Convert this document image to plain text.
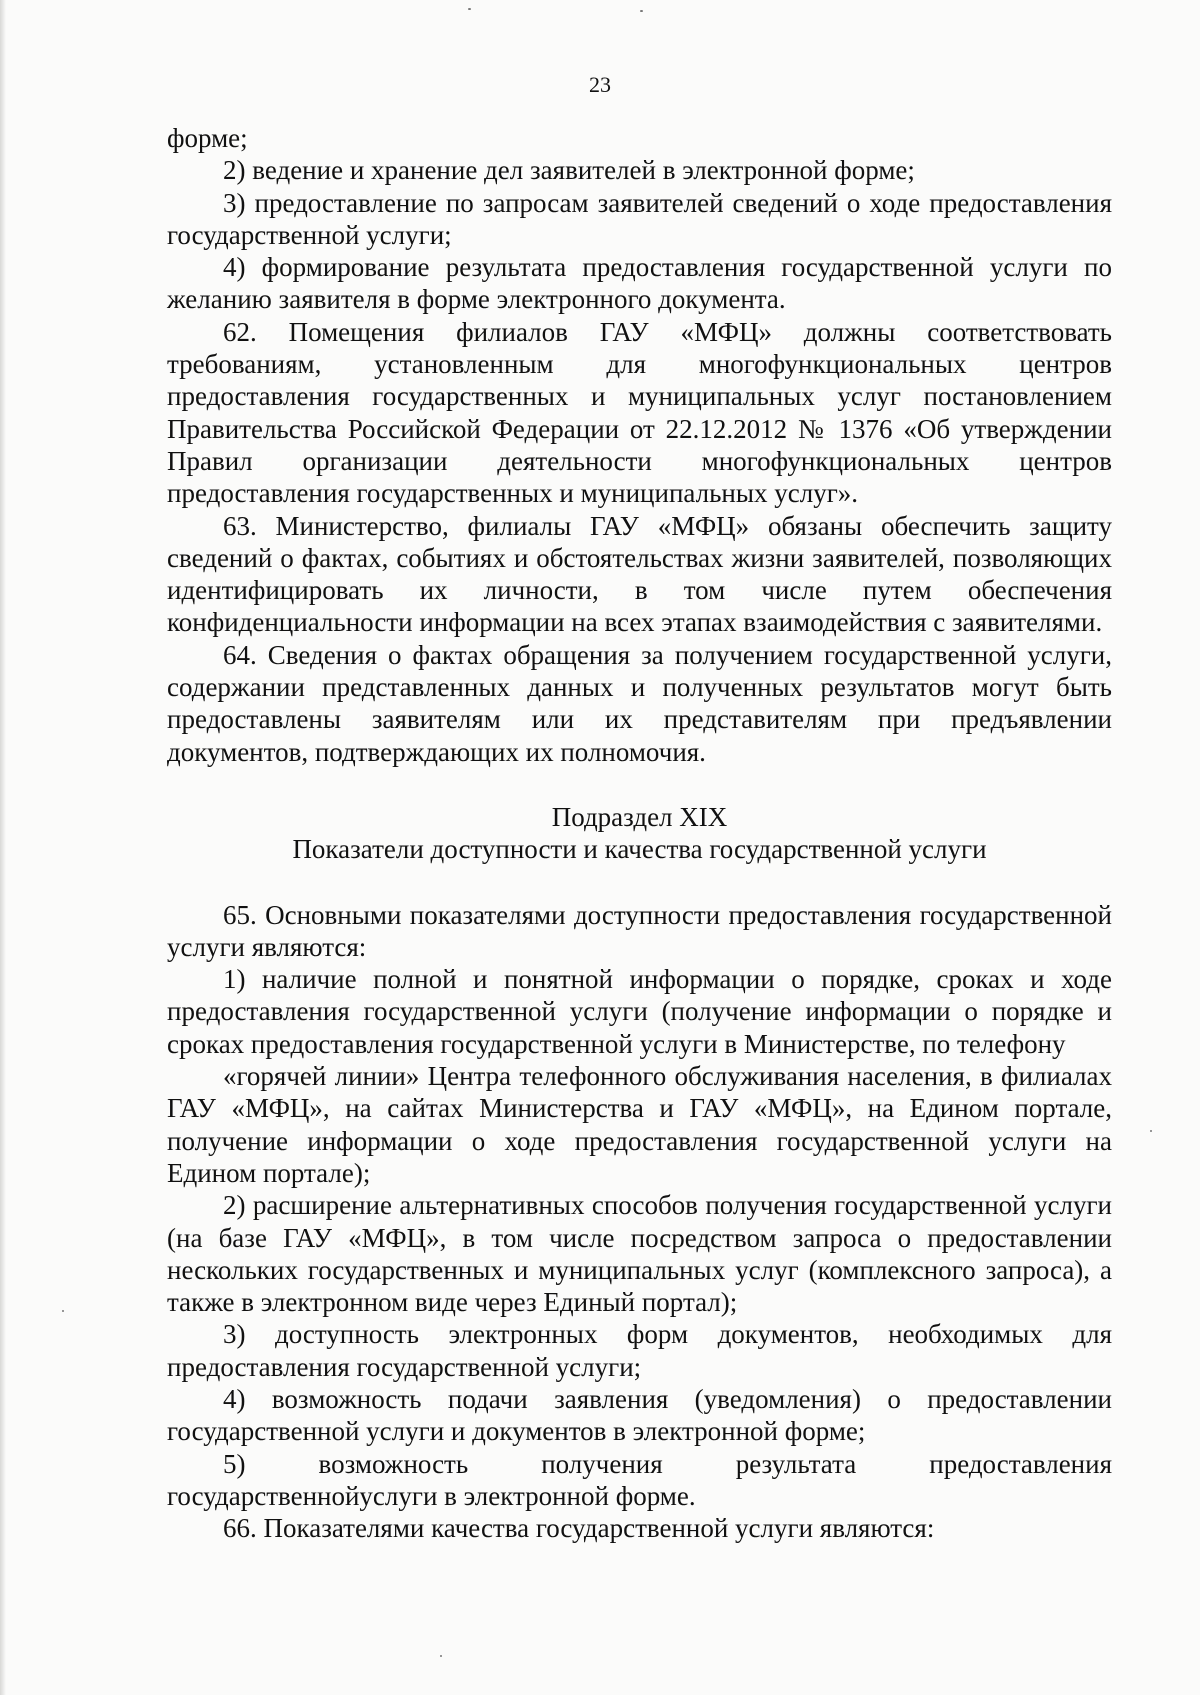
23

форме;

2) ведение и хранение дел заявителей в электронной форме;

3) предоставление по запросам заявителей сведений о ходе предоставления государственной услуги;

4) формирование результата предоставления государственной услуги по желанию заявителя в форме электронного документа.

62. Помещения филиалов ГАУ «МФЦ» должны соответствовать требованиям, установленным для многофункциональных центров предоставления государственных и муниципальных услуг постановлением Правительства Российской Федерации от 22.12.2012 № 1376 «Об утверждении Правил организации деятельности многофункциональных центров предоставления государственных и муниципальных услуг».

63. Министерство, филиалы ГАУ «МФЦ» обязаны обеспечить защиту сведений о фактах, событиях и обстоятельствах жизни заявителей, позволяющих идентифицировать их личности, в том числе путем обеспечения конфиденциальности информации на всех этапах взаимодействия с заявителями.

64. Сведения о фактах обращения за получением государственной услуги, содержании представленных данных и полученных результатов могут быть предоставлены заявителям или их представителям при предъявлении документов, подтверждающих их полномочия.

Подраздел XIX

Показатели доступности и качества государственной услуги

65. Основными показателями доступности предоставления государственной услуги являются:

1) наличие полной и понятной информации о порядке, сроках и ходе предоставления государственной услуги (получение информации о порядке и сроках предоставления государственной услуги в Министерстве, по телефону

«горячей линии» Центра телефонного обслуживания населения, в филиалах ГАУ «МФЦ», на сайтах Министерства и ГАУ «МФЦ», на Едином портале, получение информации о ходе предоставления государственной услуги на Едином портале);

2) расширение альтернативных способов получения государственной услуги (на базе ГАУ «МФЦ», в том числе посредством запроса о предоставлении нескольких государственных и муниципальных услуг (комплексного запроса), а также в электронном виде через Единый портал);

3) доступность электронных форм документов, необходимых для предоставления государственной услуги;

4) возможность подачи заявления (уведомления) о предоставлении государственной услуги и документов в электронной форме;

5) возможность получения результата предоставления государственнойуслуги в электронной форме.

66. Показателями качества государственной услуги являются:
